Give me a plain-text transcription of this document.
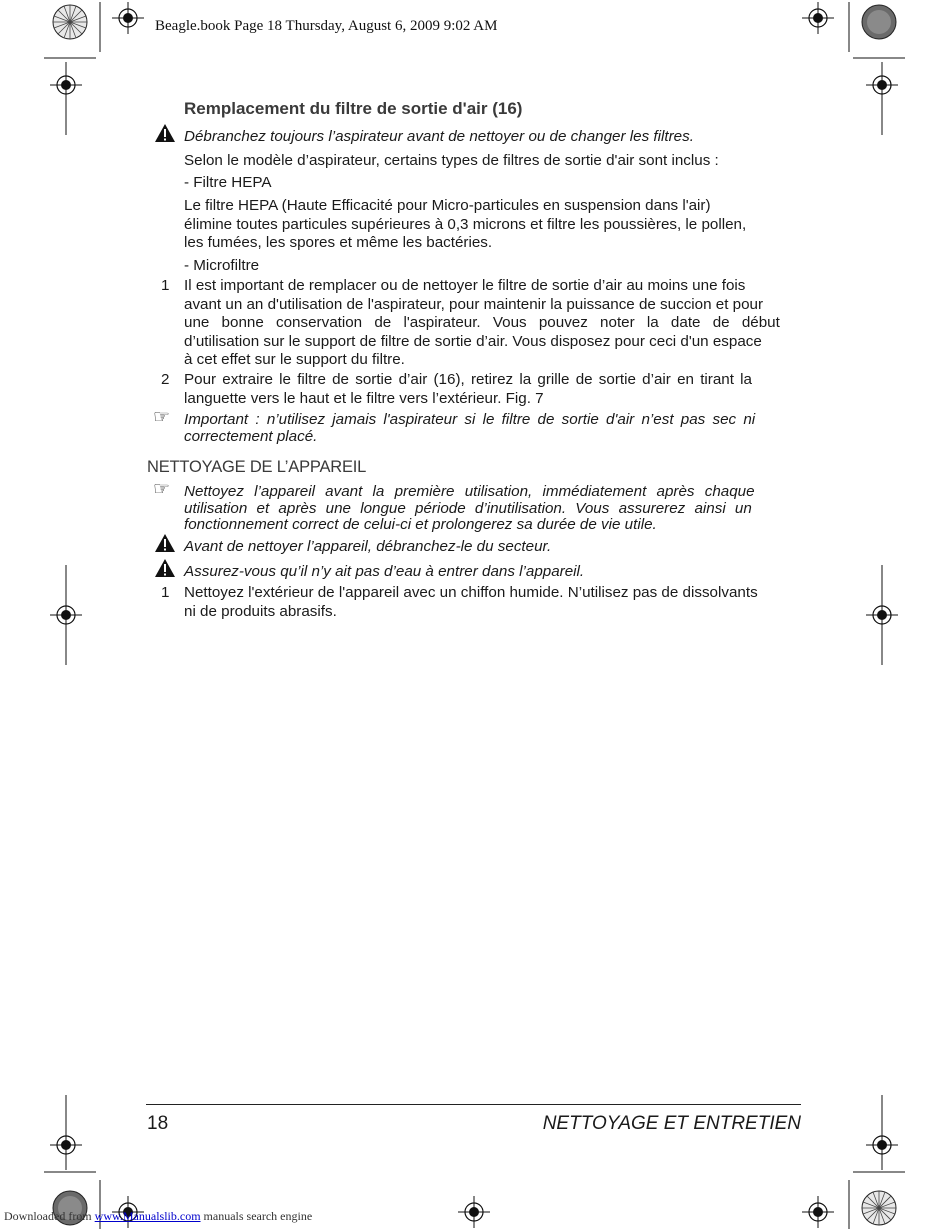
Beagle.book Page 18 Thursday, August 6, 2009 9:02 AM
Remplacement du filtre de sortie d'air (16)
Débranchez toujours l’aspirateur avant de nettoyer ou de changer les filtres.
Selon le modèle d’aspirateur, certains types de filtres de sortie d'air sont inclus :
- Filtre HEPA
Le filtre HEPA (Haute Efficacité pour Micro-particules en suspension dans l'air)
élimine toutes particules supérieures à 0,3 microns et filtre les poussières, le pollen,
les fumées, les spores et même les bactéries.
- Microfiltre
1 Il est important de remplacer ou de nettoyer le filtre de sortie d’air au moins une fois
avant un an d'utilisation de l'aspirateur, pour maintenir la puissance de succion et pour
une bonne conservation de l'aspirateur. Vous pouvez noter la date de début
d’utilisation sur le support de filtre de sortie d’air. Vous disposez pour ceci d'un espace
à cet effet sur le support du filtre.
2 Pour extraire le filtre de sortie d’air (16), retirez la grille de sortie d’air en tirant la
languette vers le haut et le filtre vers l’extérieur. Fig. 7
☞ Important : n’utilisez jamais l'aspirateur si le filtre de sortie d'air n’est pas sec ni
correctement placé.
NETTOYAGE DE L’APPAREIL
☞ Nettoyez l’appareil avant la première utilisation, immédiatement après chaque
utilisation et après une longue période d’inutilisation. Vous assurerez ainsi un
fonctionnement correct de celui-ci et prolongerez sa durée de vie utile.
Avant de nettoyer l’appareil, débranchez-le du secteur.
Assurez-vous qu’il n’y ait pas d’eau à entrer dans l’appareil.
1 Nettoyez l'extérieur de l'appareil avec un chiffon humide. N’utilisez pas de dissolvants
ni de produits abrasifs.
18	NETTOYAGE ET ENTRETIEN
Downloaded from www.Manualslib.com manuals search engine
